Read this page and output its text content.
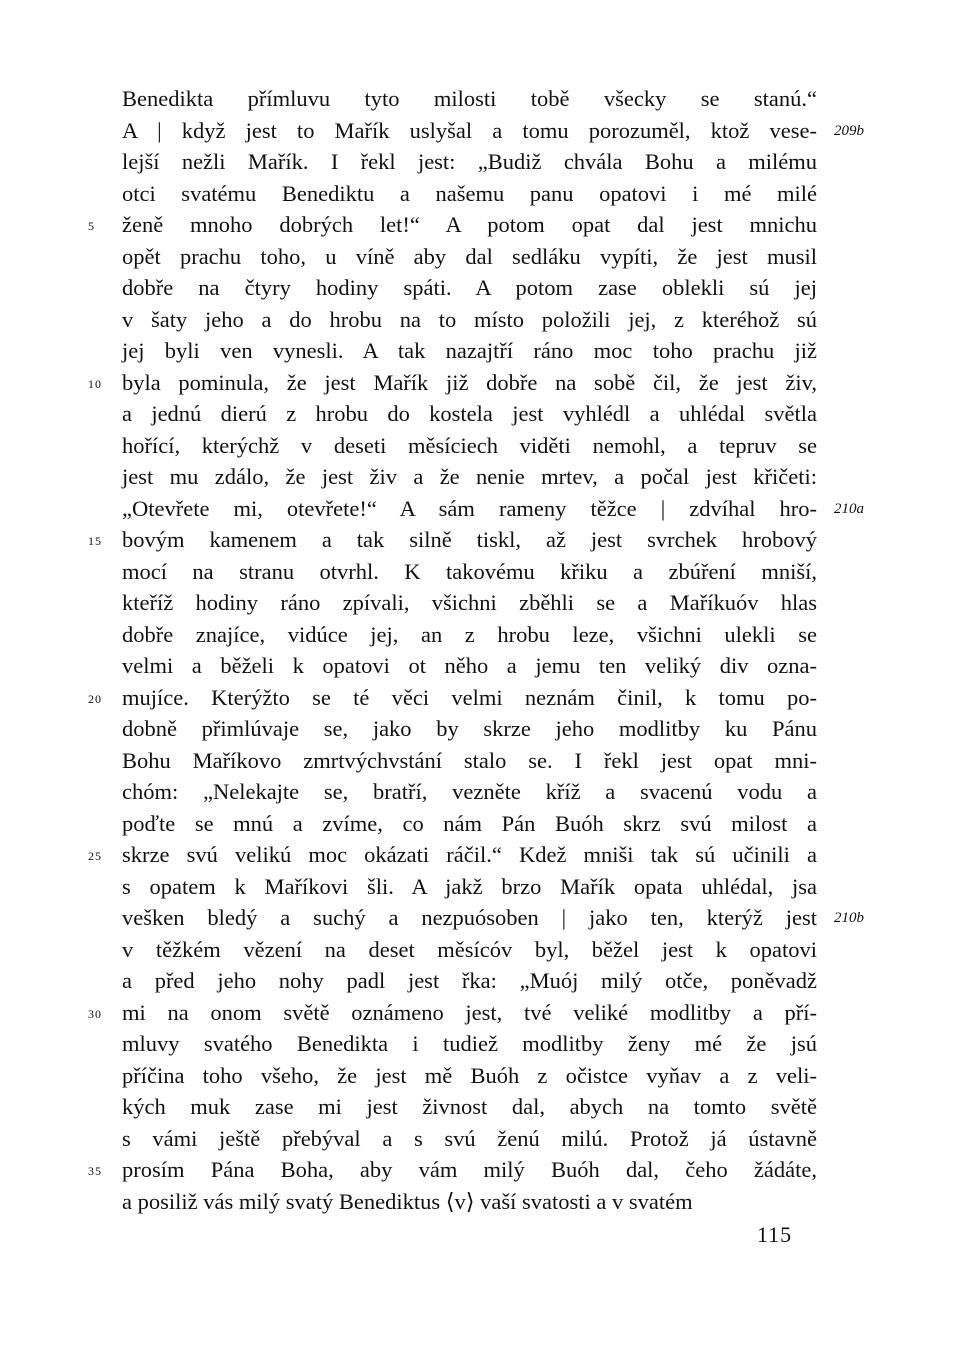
Benedikta přímluvu tyto milosti tobě všecky se stanú.“
A | když jest to Mařík uslyšal a tomu porozuměl, ktož vese- 209b
lejší nežli Mařík. I řekl jest: „Budiž chvála Bohu a milému
otci svatému Benediktu a našemu panu opatovi i mé milé
ženě mnoho dobrých let!“ A potom opat dal jest mnichu
5
opět prachu toho, u víně aby dal sedláku vypíti, že jest musil
dobře na čtyry hodiny spáti. A potom zase oblekli sú jej
v šaty jeho a do hrobu na to místo položili jej, z kteréhož sú
jej byli ven vynesli. A tak nazajtří ráno moc toho prachu již
byla pominula, že jest Mařík již dobře na sobě čil, že jest živ,
10
a jednú dierú z hrobu do kostela jest vyhlédl a uhlédal světla
hořící, kterýchž v deseti měsíciech viděti nemohl, a tepruv se
jest mu zdálo, že jest živ a že nenie mrtev, a počal jest křičeti:
„Otevřete mi, otevřete!“ A sám rameny těžce | zdvíhal hro- 210a
bovým kamenem a tak silně tiskl, až jest svrchek hrobový
15
mocí na stranu otvrhl. K takovému křiku a zbúření mniší,
kteříž hodiny ráno zpívali, všichni zběhli se a Maříkuóv hlas
dobře znajíce, vidúce jej, an z hrobu leze, všichni ulekli se
velmi a běželi k opatovi ot něho a jemu ten veliký div ozna-
mujíce. Kterýžto se té věci velmi neznám činil, k tomu po-
20
dobně přimlúvaje se, jako by skrze jeho modlitby ku Pánu
Bohu Maříkovo zmrtvýchvstání stalo se. I řekl jest opat mni-
chóm: „Nelekajte se, bratří, vezněte kříž a svacenú vodu a
poďte se mnú a zvíme, co nám Pán Buóh skrz svú milost a
skrze svú velikú moc okázati ráčil.“ Kdež mniši tak sú učinili a
25
s opatem k Maříkovi šli. A jakž brzo Mařík opata uhlédal, jsa
vešken bledý a suchý a nezpuósoben | jako ten, kterýž jest 210b
v těžkém vězení na deset měsícóv byl, běžel jest k opatovi
a před jeho nohy padl jest řka: „Muój milý otče, poněvadž
mi na onom světě oznámeno jest, tvé veliké modlitby a pří-
30
mluvy svatého Benedikta i tudiež modlitby ženy mé že jsú
příčina toho všeho, že jest mě Buóh z očistce vyňav a z veli-
kých muk zase mi jest živnost dal, abych na tomto světě
s vámi ještě přebýval a s svú ženú milú. Protož já ústavně
prosím Pána Boha, aby vám milý Buóh dal, čeho žádáte,
35
a posiliž vás milý svatý Benediktus ⟨v⟩ vaší svatosti a v svatém
115
